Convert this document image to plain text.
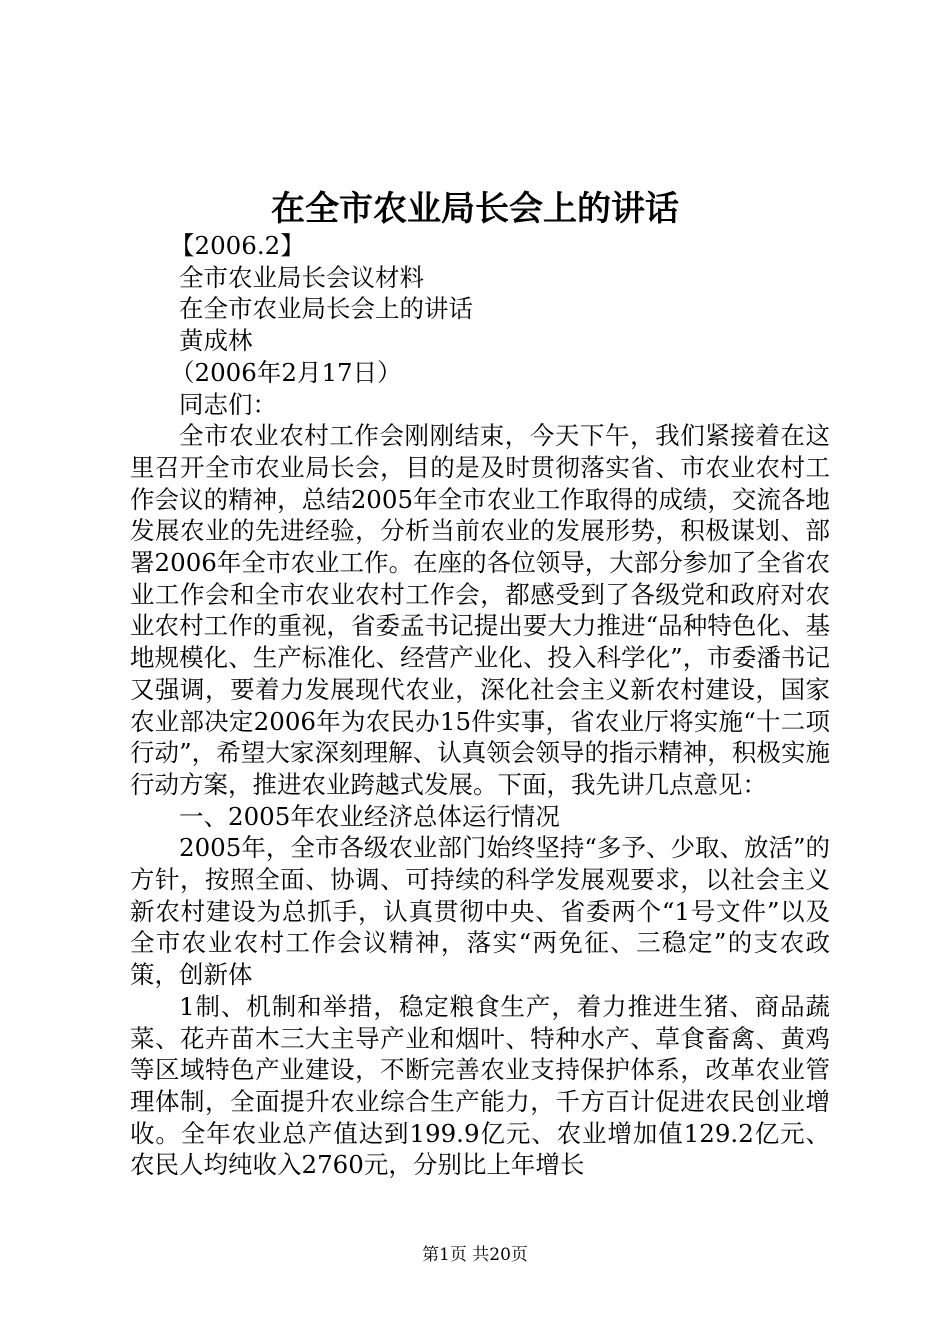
在全市农业局长会上的讲话

【2006.2】

全市农业局长会议材料

在全市农业局长会上的讲话

黄成林

（2006年2月17日）

同志们：

全市农业农村工作会刚刚结束，今天下午，我们紧接着在这里召开全市农业局长会，目的是及时贯彻落实省、市农业农村工作会议的精神，总结2005年全市农业工作取得的成绩，交流各地发展农业的先进经验，分析当前农业的发展形势，积极谋划、部署2006年全市农业工作。在座的各位领导，大部分参加了全省农业工作会和全市农业农村工作会，都感受到了各级党和政府对农业农村工作的重视，省委孟书记提出要大力推进“品种特色化、基地规模化、生产标准化、经营产业化、投入科学化”，市委潘书记又强调，要着力发展现代农业，深化社会主义新农村建设，国家农业部决定2006年为农民办15件实事，省农业厅将实施“十二项行动”，希望大家深刻理解、认真领会领导的指示精神，积极实施行动方案，推进农业跨越式发展。下面，我先讲几点意见：

一、2005年农业经济总体运行情况

2005年，全市各级农业部门始终坚持“多予、少取、放活”的方针，按照全面、协调、可持续的科学发展观要求，以社会主义新农村建设为总抓手，认真贯彻中央、省委两个“1号文件”以及全市农业农村工作会议精神，落实“两免征、三稳定”的支农政策，创新体

1制、机制和举措，稳定粮食生产，着力推进生猪、商品蔬菜、花卉苗木三大主导产业和烟叶、特种水产、草食畜禽、黄鸡等区域特色产业建设，不断完善农业支持保护体系，改革农业管理体制，全面提升农业综合生产能力，千方百计促进农民创业增收。全年农业总产值达到199.9亿元、农业增加值129.2亿元、农民人均纯收入2760元，分别比上年增长

第1页 共20页
